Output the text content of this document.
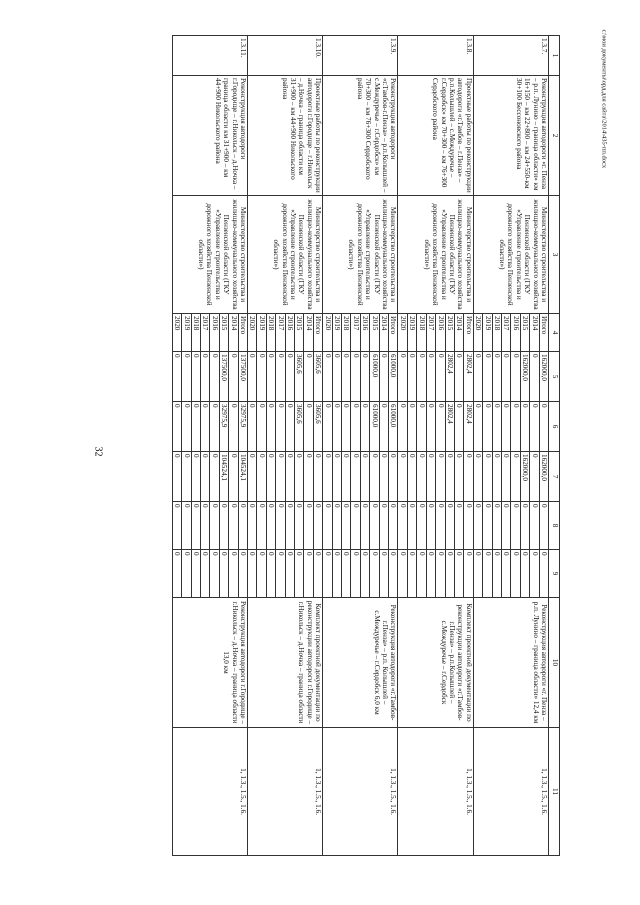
32
1	2	3	4	5	6	7	8	9	10	11
1.3.7.	Реконструкция автодороги «г. Пенза – р.п. Лунино – граница области» км 16+150 – км 22+800 – км 24+550-км 30+100 Бессоновского района	Министерство строительства и жилищно-коммунального хозяйства Пензенской области (ГКУ «Управление строительства и дорожного хозяйства Пензенской области»)	Итого	162000,0	0	162000,0	0	0	Реконструкция автодороги «г. Пенза – р.п. Лунино – граница области» 12,4 км	1, 1.3., 1.5., 1.6.
			2014	0	0	0	0	0		
			2015	162000,0	0	162000,0	0	0		
			2016	0	0	0	0	0		
			2017	0	0	0	0	0		
			2018	0	0	0	0	0		
			2019	0	0	0	0	0		
			2020	0	0	0	0	0		
1.3.8.	Проектные работы по реконструкции автодороги «г.Тамбов – г.Пенза» – р.п.Колышлей – с.Междуречье – г.Сердобск» км 70+300 – км 76+300 Сердобского района	Министерство строительства и жилищно-коммунального хозяйства Пензенской области (ГКУ «Управление строительства и дорожного хозяйства Пензенской области»)	Итого	2802,4	2802,4	0	0	0	Комплект проектной документации по реконструкции автодороги «г.Тамбов-г.Пенза» – р.п.Колышлей – с.Междуречье – г.Сердобск	1, 1.3., 1.5., 1.6.
			2014	0	0	0	0	0		
			2015	2802,4	2802,4	0	0	0		
			2016	0	0	0	0	0		
			2017	0	0	0	0	0		
			2018	0	0	0	0	0		
			2019	0	0	0	0	0		
			2020	0	0	0	0	0		
1.3.9.	Реконструкция автодороги «г.Тамбов-г.Пенза» – р.п.Колышлей – с.Междуречье – г.Сердобск» км 70+300 – км 76+300 Сердобского района	Министерство строительства и жилищно-коммунального хозяйства Пензенской области (ГКУ «Управление строительства и дорожного хозяйства Пензенской области»)	Итого	61000,0	61000,0	0	0	0	Реконструкция автодороги «г.Тамбов-г.Пенза» – р.п. Колышлей – с.Междуречье – г.Сердобск 6,0 км	1, 1.3., 1.5., 1.6.
			2014	0	0	0	0	0		
			2015	61000,0	61000,0	0	0	0		
			2016	0	0	0	0	0		
			2017	0	0	0	0	0		
			2018	0	0	0	0	0		
			2019	0	0	0	0	0		
			2020	0	0	0	0	0		
1.3.10.	Проектные работы по реконструкции автодороги г.Городище – г.Никольск – д.Ночка – граница области км 31+900 – км 44+900 Никольского района	Министерство строительства и жилищно-коммунального хозяйства Пензенской области (ГКУ «Управление строительства и дорожного хозяйства Пензенской области»)	Итого	3605,6	3605,6	0	0	0	Комплект проектной документации по реконструкции автодороги г.Городище – г.Никольск – д.Ночка – граница области	1, 1.3., 1.5., 1.6.
			2014	0	0	0	0	0		
			2015	3605,6	3605,6	0	0	0		
			2016	0	0	0	0	0		
			2017	0	0	0	0	0		
			2018	0	0	0	0	0		
			2019	0	0	0	0	0		
			2020	0	0	0	0	0		
1.3.11.	Реконструкция автодороги г.Городище – г.Никольск – д.Ночка – граница области км 31+900 – км 44+900 Никольского района	Министерство строительства и жилищно-коммунального хозяйства Пензенской области (ГКУ «Управление строительства и дорожного хозяйства Пензенской области»)	Итого	137500,0	32975,9	104524,1	0	0	Реконструкция автодороги г.Городище – г.Никольск – д.Ночка – граница области 13,0 км	1, 1.3., 1.5., 1.6.
			2014	0	0	0	0	0		
			2015	137500,0	32975,9	104524,1	0	0		
			2016	0	0	0	0	0		
			2017	0	0	0	0	0		
			2018	0	0	0	0	0		
			2019	0	0	0	0	0		
			2020	0	0	0	0	0		
c:\мои документы\орд.для сайта\2014\435-пп.docx
